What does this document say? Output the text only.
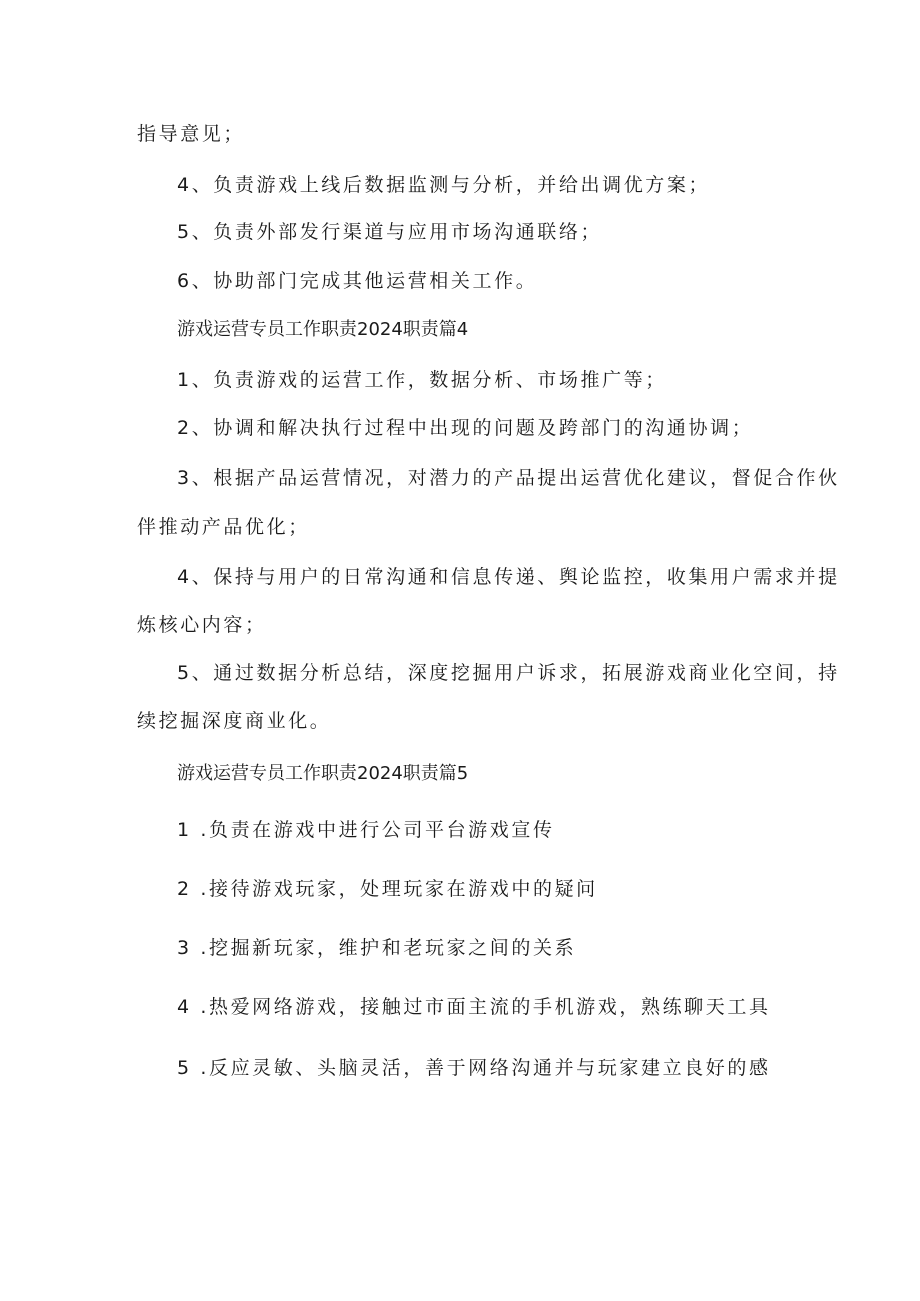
指导意见；
4、负责游戏上线后数据监测与分析，并给出调优方案；
5、负责外部发行渠道与应用市场沟通联络；
6、协助部门完成其他运营相关工作。
游戏运营专员工作职责2024职责篇4
1、负责游戏的运营工作，数据分析、市场推广等；
2、协调和解决执行过程中出现的问题及跨部门的沟通协调；
3、根据产品运营情况，对潜力的产品提出运营优化建议，督促合作伙
伴推动产品优化；
4、保持与用户的日常沟通和信息传递、舆论监控，收集用户需求并提
炼核心内容；
5、通过数据分析总结，深度挖掘用户诉求，拓展游戏商业化空间，持
续挖掘深度商业化。
游戏运营专员工作职责2024职责篇5
1 .负责在游戏中进行公司平台游戏宣传
2 .接待游戏玩家，处理玩家在游戏中的疑问
3 .挖掘新玩家，维护和老玩家之间的关系
4 .热爱网络游戏，接触过市面主流的手机游戏，熟练聊天工具
5 .反应灵敏、头脑灵活，善于网络沟通并与玩家建立良好的感
